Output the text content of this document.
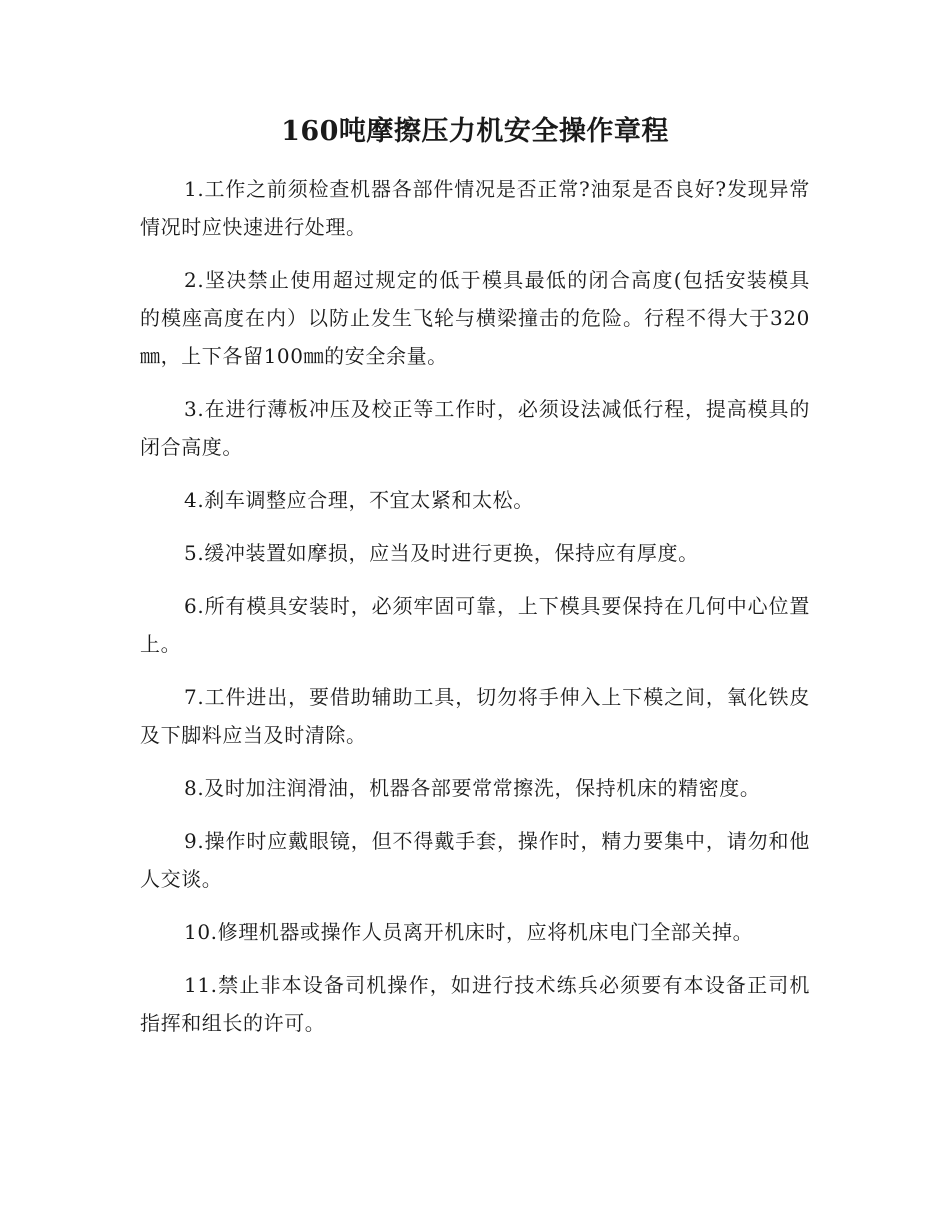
160吨摩擦压力机安全操作章程

1.工作之前须检查机器各部件情况是否正常?油泵是否良好?发现异常情况时应快速进行处理。

2.坚决禁止使用超过规定的低于模具最低的闭合高度(包括安装模具的模座高度在内）以防止发生飞轮与横梁撞击的危险。行程不得大于320㎜，上下各留100㎜的安全余量。

3.在进行薄板冲压及校正等工作时，必须设法减低行程，提高模具的闭合高度。

4.刹车调整应合理，不宜太紧和太松。

5.缓冲装置如摩损，应当及时进行更换，保持应有厚度。

6.所有模具安装时，必须牢固可靠，上下模具要保持在几何中心位置上。

7.工件进出，要借助辅助工具，切勿将手伸入上下模之间，氧化铁皮及下脚料应当及时清除。

8.及时加注润滑油，机器各部要常常擦洗，保持机床的精密度。

9.操作时应戴眼镜，但不得戴手套，操作时，精力要集中，请勿和他人交谈。

10.修理机器或操作人员离开机床时，应将机床电门全部关掉。

11.禁止非本设备司机操作，如进行技术练兵必须要有本设备正司机指挥和组长的许可。
